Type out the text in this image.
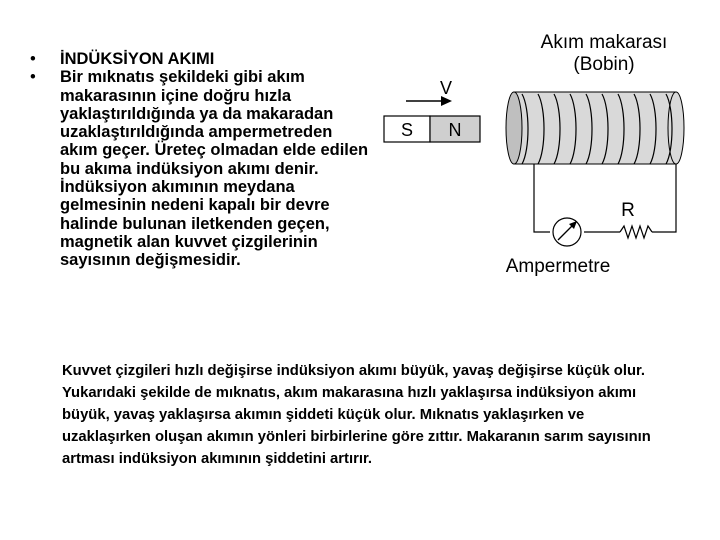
• İNDÜKSİYON AKIMI
• Bir mıknatıs şekildeki gibi akım makarasının içine doğru hızla yaklaştırıldığında ya da makaradan uzaklaştırıldığında ampermetreden akım geçer. Üreteç olmadan elde edilen bu akıma indüksiyon akımı denir. İndüksiyon akımının meydana gelmesinin nedeni kapalı bir devre halinde bulunan iletkenden geçen, magnetik alan kuvvet çizgilerinin sayısının değişmesidir.
Akım makarası
(Bobin)
V
S N
R
Ampermetre

Kuvvet çizgileri hızlı değişirse indüksiyon akımı büyük, yavaş değişirse küçük olur. Yukarıdaki şekilde de mıknatıs, akım makarasına hızlı yaklaşırsa indüksiyon akımı büyük, yavaş yaklaşırsa akımın şiddeti küçük olur. Mıknatıs yaklaşırken ve uzaklaşırken oluşan akımın yönleri birbirlerine göre zıttır. Makaranın sarım sayısının artması indüksiyon akımının şiddetini artırır.
